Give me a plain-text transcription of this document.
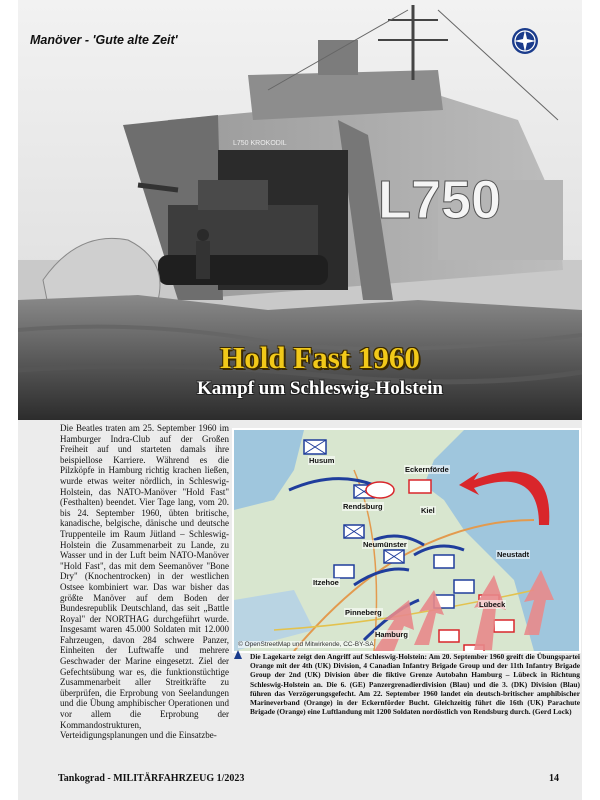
L750
L750 KROKODIL
Manöver - 'Gute alte Zeit'
Hold Fast 1960
Kampf um Schleswig-Holstein

Die Beatles traten am 25. September 1960 im Hamburger Indra-Club auf der Großen Freiheit auf und starteten damals ihre beispiellose Karriere. Während es die Pilzköpfe in Hamburg richtig krachen ließen, wurde etwas weiter nördlich, in Schleswig-Holstein, das NATO-Manöver "Hold Fast" (Festhalten) beendet. Vier Tage lang, vom 20. bis 24. September 1960, übten britische, kanadische, belgische, dänische und deutsche Truppenteile im Raum Jütland – Schleswig-Holstein die Zusammenarbeit zu Lande, zu Wasser und in der Luft beim NATO-Manöver "Hold Fast", das mit dem Seemanöver "Bone Dry" (Knochentrocken) in der westlichen Ostsee kombiniert war. Das war bisher das größte Manöver auf dem Boden der Bundesrepublik Deutschland, das seit „Battle Royal" der NORTHAG durchgeführt wurde. Insgesamt waren 45.000 Soldaten mit 12.000 Fahrzeugen, davon 284 schwere Panzer, Einheiten der Luftwaffe und mehrere Geschwader der Marine eingesetzt. Ziel der Gefechtsübung war es, die funktionstüchtige Zusammenarbeit aller Streitkräfte zu überprüfen, die Erprobung von Seelandungen und die Übung amphibischer Operationen und vor allem die Erprobung der Kommandostrukturen, Verteidigungsplanungen und die Einsatzbe-

Husum
Eckernförde
Rendsburg	Kiel
Neumünster
Neustadt
Lübeck
Itzehoe
Pinneberg
Hamburg
© OpenStreetMap und Mitwirkende, CC-BY-SA
Die Lagekarte zeigt den Angriff auf Schleswig-Holstein: Am 20. September 1960 greift die Übungspartei Orange mit der 4th (UK) Division, 4 Canadian Infantry Brigade Group und der 11th Infantry Brigade Group der 2nd (UK) Division über die fiktive Grenze Autobahn Hamburg – Lübeck in Richtung Schleswig-Holstein an. Die 6. (GE) Panzergrenadierdivision (Blau) und die 3. (DK) Division (Blau) führen das Verzögerungsgefecht. Am 22. September 1960 landet ein deutsch-britischer amphibischer Marineverband (Orange) in der Eckernförder Bucht. Gleichzeitig führt die 16th (UK) Parachute Brigade (Orange) eine Luftlandung mit 1200 Soldaten nordöstlich von Rendsburg durch. (Gerd Lock)
Tankograd - MILITÄRFAHRZEUG 1/2023	14
